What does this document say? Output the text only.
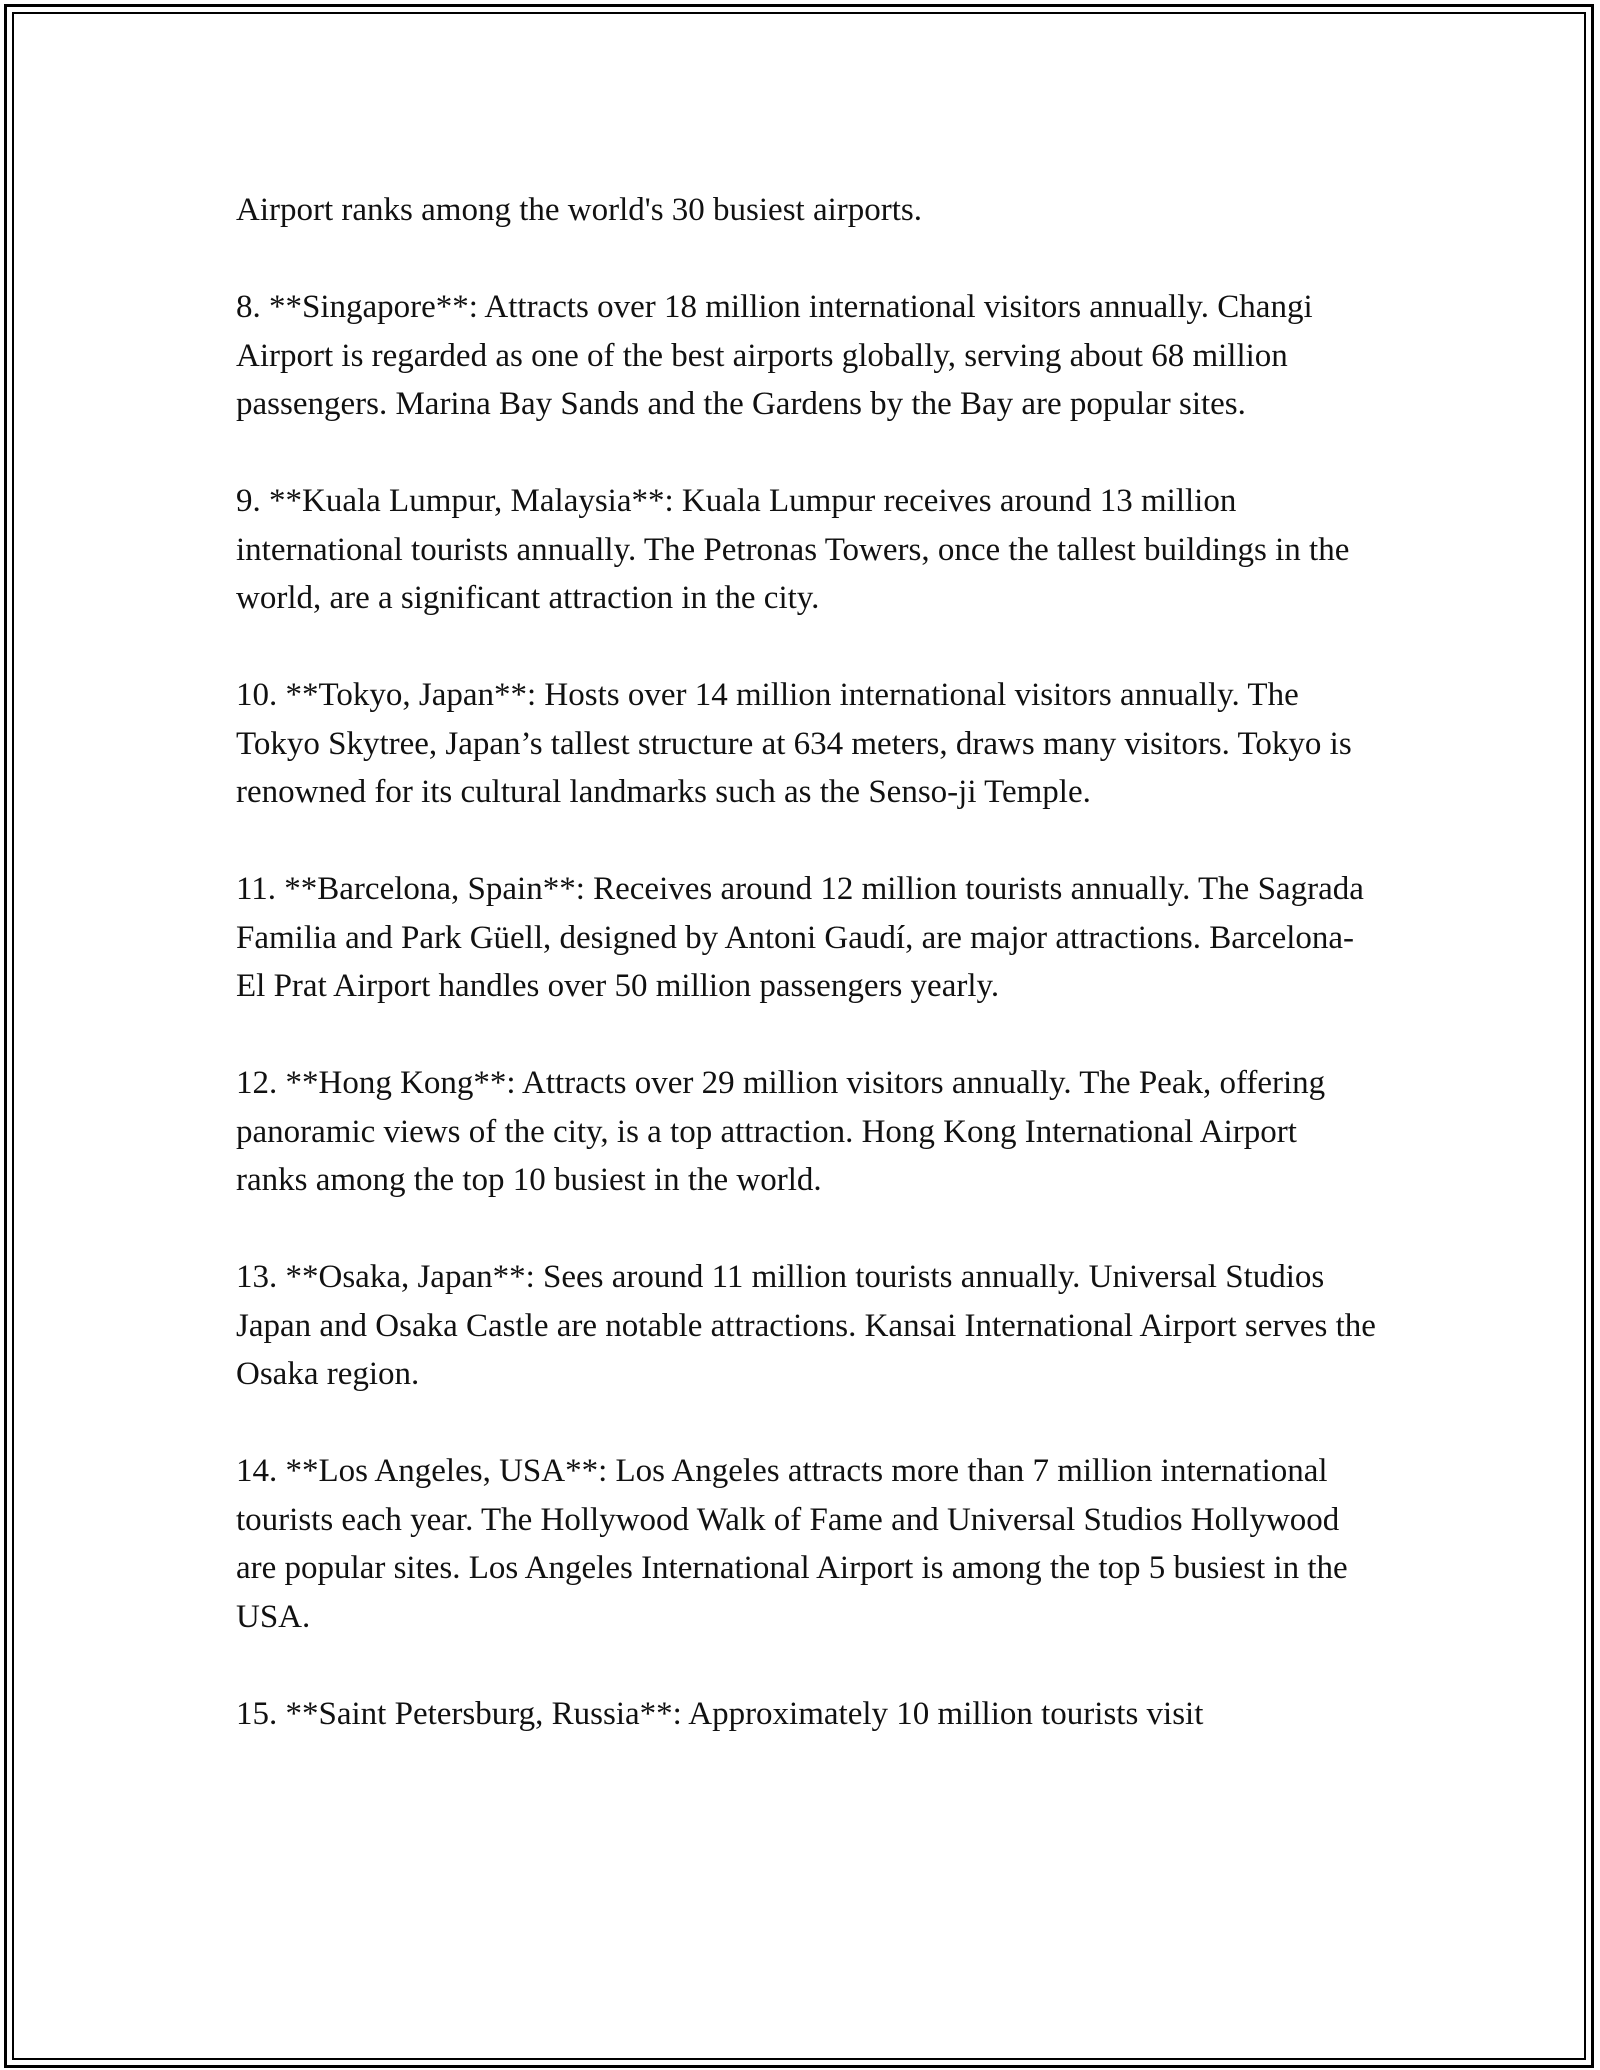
Airport ranks among the world's 30 busiest airports.

8. **Singapore**: Attracts over 18 million international visitors annually. Changi Airport is regarded as one of the best airports globally, serving about 68 million passengers. Marina Bay Sands and the Gardens by the Bay are popular sites.

9. **Kuala Lumpur, Malaysia**: Kuala Lumpur receives around 13 million international tourists annually. The Petronas Towers, once the tallest buildings in the world, are a significant attraction in the city.

10. **Tokyo, Japan**: Hosts over 14 million international visitors annually. The Tokyo Skytree, Japan’s tallest structure at 634 meters, draws many visitors. Tokyo is renowned for its cultural landmarks such as the Senso-ji Temple.

11. **Barcelona, Spain**: Receives around 12 million tourists annually. The Sagrada Familia and Park Güell, designed by Antoni Gaudí, are major attractions. Barcelona-El Prat Airport handles over 50 million passengers yearly.

12. **Hong Kong**: Attracts over 29 million visitors annually. The Peak, offering panoramic views of the city, is a top attraction. Hong Kong International Airport ranks among the top 10 busiest in the world.

13. **Osaka, Japan**: Sees around 11 million tourists annually. Universal Studios Japan and Osaka Castle are notable attractions. Kansai International Airport serves the Osaka region.

14. **Los Angeles, USA**: Los Angeles attracts more than 7 million international tourists each year. The Hollywood Walk of Fame and Universal Studios Hollywood are popular sites. Los Angeles International Airport is among the top 5 busiest in the USA.

15. **Saint Petersburg, Russia**: Approximately 10 million tourists visit
